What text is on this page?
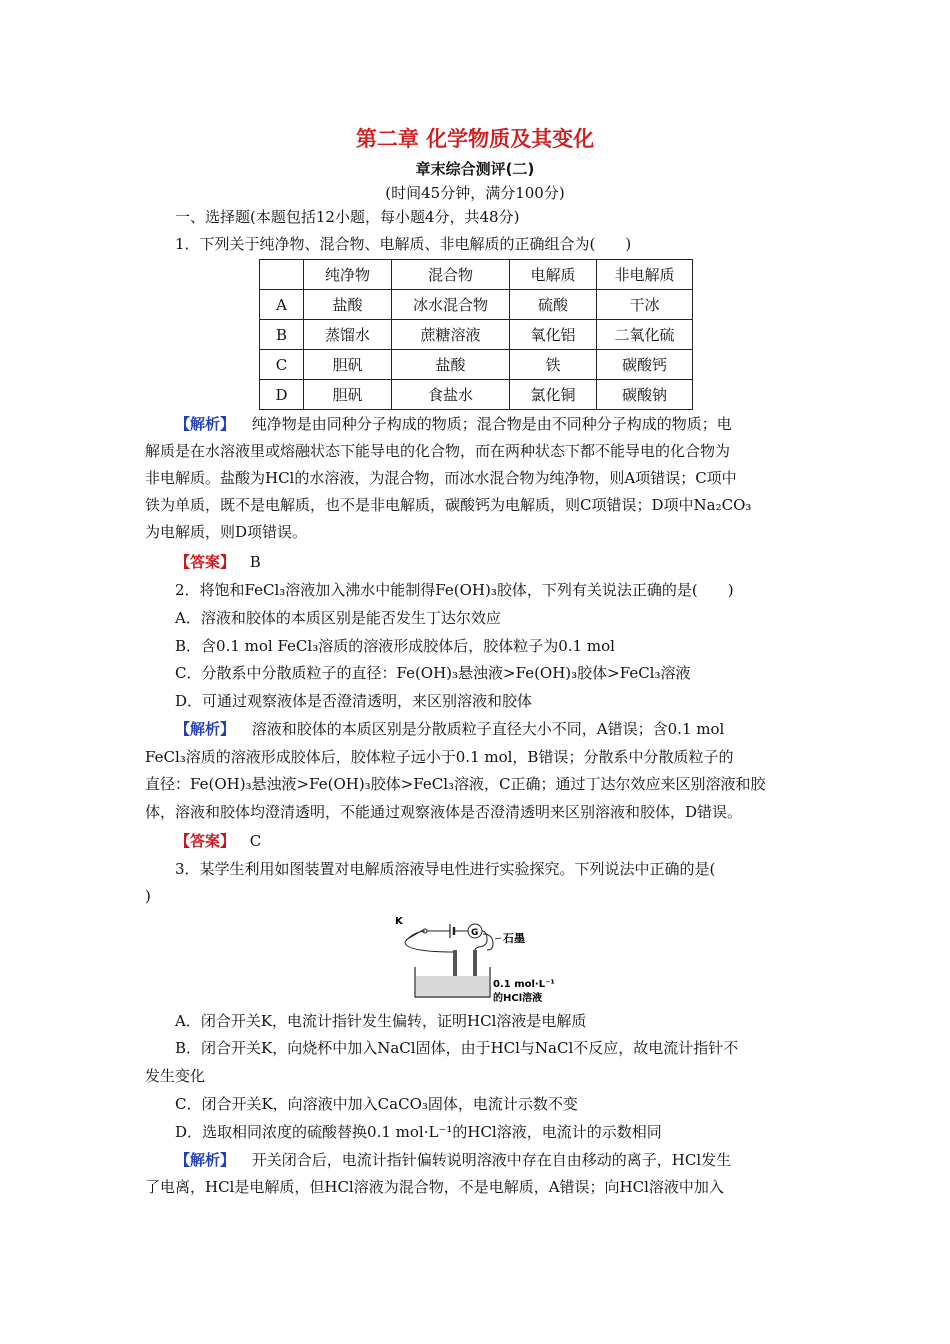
第二章 化学物质及其变化
章末综合测评(二)
(时间45分钟，满分100分)
一、选择题(本题包括12小题，每小题4分，共48分)
1．下列关于纯净物、混合物、电解质、非电解质的正确组合为(　　)
	纯净物	混合物	电解质	非电解质
A	盐酸	冰水混合物	硫酸	干冰
B	蒸馏水	蔗糖溶液	氧化铝	二氧化硫
C	胆矾	盐酸	铁	碳酸钙
D	胆矾	食盐水	氯化铜	碳酸钠
【解析】 纯净物是由同种分子构成的物质；混合物是由不同种分子构成的物质；电
解质是在水溶液里或熔融状态下能导电的化合物，而在两种状态下都不能导电的化合物为
非电解质。盐酸为HCl的水溶液，为混合物，而冰水混合物为纯净物，则A项错误；C项中
铁为单质，既不是电解质，也不是非电解质，碳酸钙为电解质，则C项错误；D项中Na₂CO₃
为电解质，则D项错误。
【答案】 B
2．将饱和FeCl₃溶液加入沸水中能制得Fe(OH)₃胶体，下列有关说法正确的是(　　)
A．溶液和胶体的本质区别是能否发生丁达尔效应
B．含0.1 mol FeCl₃溶质的溶液形成胶体后，胶体粒子为0.1 mol
C．分散系中分散质粒子的直径：Fe(OH)₃悬浊液>Fe(OH)₃胶体>FeCl₃溶液
D．可通过观察液体是否澄清透明，来区别溶液和胶体
【解析】 溶液和胶体的本质区别是分散质粒子直径大小不同，A错误；含0.1 mol
FeCl₃溶质的溶液形成胶体后，胶体粒子远小于0.1 mol，B错误；分散系中分散质粒子的
直径：Fe(OH)₃悬浊液>Fe(OH)₃胶体>FeCl₃溶液，C正确；通过丁达尔效应来区别溶液和胶
体，溶液和胶体均澄清透明，不能通过观察液体是否澄清透明来区别溶液和胶体，D错误。
【答案】 C
3．某学生利用如图装置对电解质溶液导电性进行实验探究。下列说法中正确的是(
)
K
G 石墨
0.1 mol·L⁻¹
的HCl溶液
A．闭合开关K，电流计指针发生偏转，证明HCl溶液是电解质
B．闭合开关K，向烧杯中加入NaCl固体，由于HCl与NaCl不反应，故电流计指针不
发生变化
C．闭合开关K，向溶液中加入CaCO₃固体，电流计示数不变
D．选取相同浓度的硫酸替换0.1 mol·L⁻¹的HCl溶液，电流计的示数相同
【解析】 开关闭合后，电流计指针偏转说明溶液中存在自由移动的离子，HCl发生
了电离，HCl是电解质，但HCl溶液为混合物，不是电解质，A错误；向HCl溶液中加入
